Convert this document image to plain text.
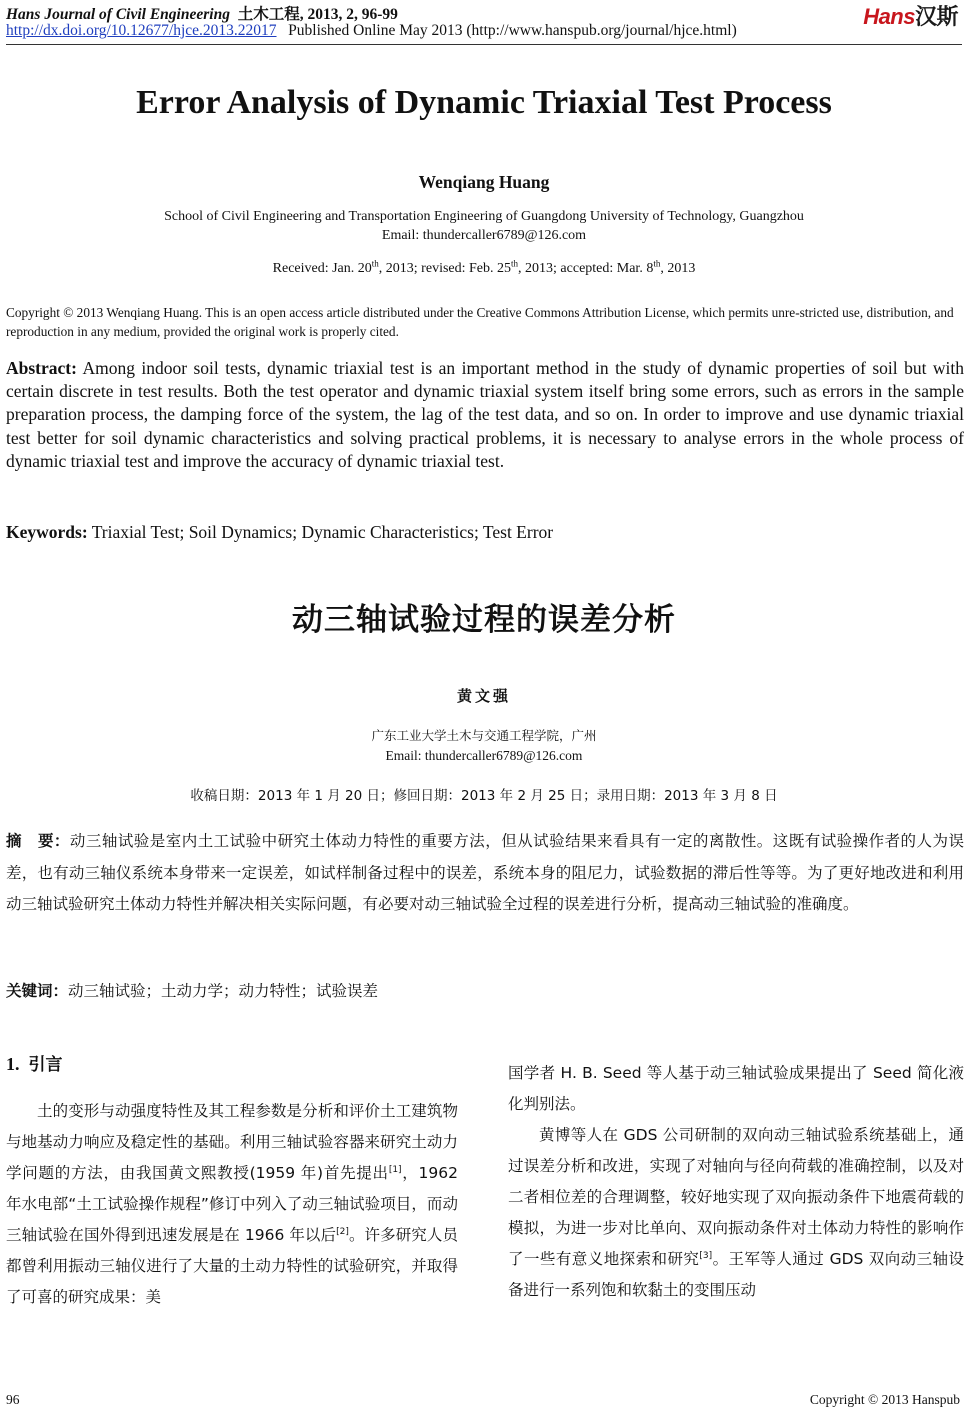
Hans Journal of Civil Engineering 土木工程, 2013, 2, 96-99
http://dx.doi.org/10.12677/hjce.2013.22017 Published Online May 2013 (http://www.hanspub.org/journal/hjce.html)
Hans汉斯
Error Analysis of Dynamic Triaxial Test Process
Wenqiang Huang
School of Civil Engineering and Transportation Engineering of Guangdong University of Technology, Guangzhou
Email: thundercaller6789@126.com
Received: Jan. 20th, 2013; revised: Feb. 25th, 2013; accepted: Mar. 8th, 2013
Copyright © 2013 Wenqiang Huang. This is an open access article distributed under the Creative Commons Attribution License, which permits unre-stricted use, distribution, and reproduction in any medium, provided the original work is properly cited.
Abstract: Among indoor soil tests, dynamic triaxial test is an important method in the study of dynamic properties of soil but with certain discrete in test results. Both the test operator and dynamic triaxial system itself bring some errors, such as errors in the sample preparation process, the damping force of the system, the lag of the test data, and so on. In order to improve and use dynamic triaxial test better for soil dynamic characteristics and solving practical problems, it is necessary to analyse errors in the whole process of dynamic triaxial test and improve the accuracy of dynamic triaxial test.
Keywords: Triaxial Test; Soil Dynamics; Dynamic Characteristics; Test Error
动三轴试验过程的误差分析
黄文强
广东工业大学土木与交通工程学院，广州
Email: thundercaller6789@126.com
收稿日期：2013 年 1 月 20 日；修回日期：2013 年 2 月 25 日；录用日期：2013 年 3 月 8 日
摘　要：动三轴试验是室内土工试验中研究土体动力特性的重要方法，但从试验结果来看具有一定的离散性。这既有试验操作者的人为误差，也有动三轴仪系统本身带来一定误差，如试样制备过程中的误差，系统本身的阻尼力，试验数据的滞后性等等。为了更好地改进和利用动三轴试验研究土体动力特性并解决相关实际问题，有必要对动三轴试验全过程的误差进行分析，提高动三轴试验的准确度。
关键词：动三轴试验；土动力学；动力特性；试验误差
1. 引言
土的变形与动强度特性及其工程参数是分析和评价土工建筑物与地基动力响应及稳定性的基础。利用三轴试验容器来研究土动力学问题的方法，由我国黄文熙教授(1959 年)首先提出[1]，1962 年水电部“土工试验操作规程”修订中列入了动三轴试验项目，而动三轴试验在国外得到迅速发展是在 1966 年以后[2]。许多研究人员都曾利用振动三轴仪进行了大量的土动力特性的试验研究，并取得了可喜的研究成果：美
国学者 H. B. Seed 等人基于动三轴试验成果提出了 Seed 简化液化判别法。
黄博等人在 GDS 公司研制的双向动三轴试验系统基础上，通过误差分析和改进，实现了对轴向与径向荷载的准确控制，以及对二者相位差的合理调整，较好地实现了双向振动条件下地震荷载的模拟，为进一步对比单向、双向振动条件对土体动力特性的影响作了一些有意义地探索和研究[3]。王军等人通过 GDS 双向动三轴设备进行一系列饱和软黏土的变围压动
96	Copyright © 2013 Hanspub
